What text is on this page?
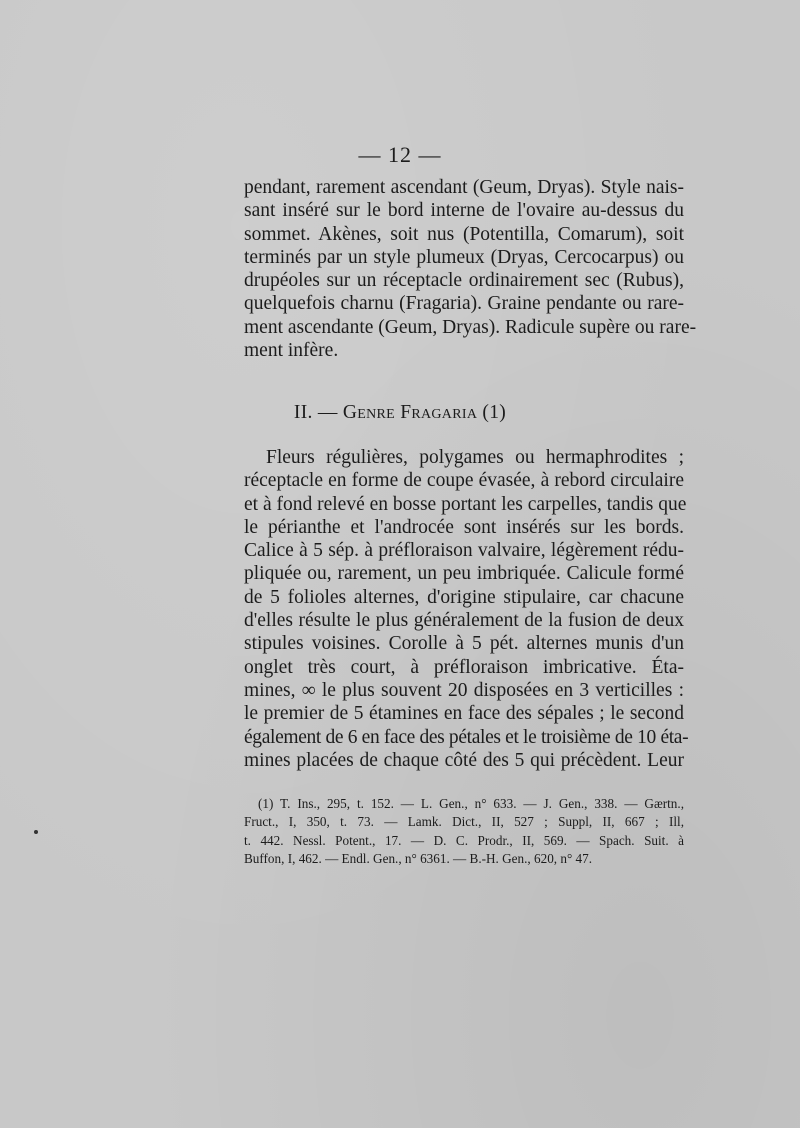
— 12 —
pendant, rarement ascendant (Geum, Dryas). Style nais-
sant inséré sur le bord interne de l'ovaire au-dessus du
sommet. Akènes, soit nus (Potentilla, Comarum), soit
terminés par un style plumeux (Dryas, Cercocarpus) ou
drupéoles sur un réceptacle ordinairement sec (Rubus),
quelquefois charnu (Fragaria). Graine pendante ou rare-
ment ascendante (Geum, Dryas). Radicule supère ou rare-
ment infère.
II. — Genre Fragaria (1)
Fleurs régulières, polygames ou hermaphrodites ;
réceptacle en forme de coupe évasée, à rebord circulaire
et à fond relevé en bosse portant les carpelles, tandis que
le périanthe et l'androcée sont insérés sur les bords.
Calice à 5 sép. à préfloraison valvaire, légèrement rédu-
pliquée ou, rarement, un peu imbriquée. Calicule formé
de 5 folioles alternes, d'origine stipulaire, car chacune
d'elles résulte le plus généralement de la fusion de deux
stipules voisines. Corolle à 5 pét. alternes munis d'un
onglet très court, à préfloraison imbricative. Éta-
mines, ∞ le plus souvent 20 disposées en 3 verticilles :
le premier de 5 étamines en face des sépales ; le second
également de 6 en face des pétales et le troisième de 10 éta-
mines placées de chaque côté des 5 qui précèdent. Leur
(1) T. Ins., 295, t. 152. — L. Gen., n° 633. — J. Gen., 338. — Gærtn.,
Fruct., I, 350, t. 73. — Lamk. Dict., II, 527 ; Suppl, II, 667 ; Ill,
t. 442. Nessl. Potent., 17. — D. C. Prodr., II, 569. — Spach. Suit. à
Buffon, I, 462. — Endl. Gen., n° 6361. — B.-H. Gen., 620, n° 47.
